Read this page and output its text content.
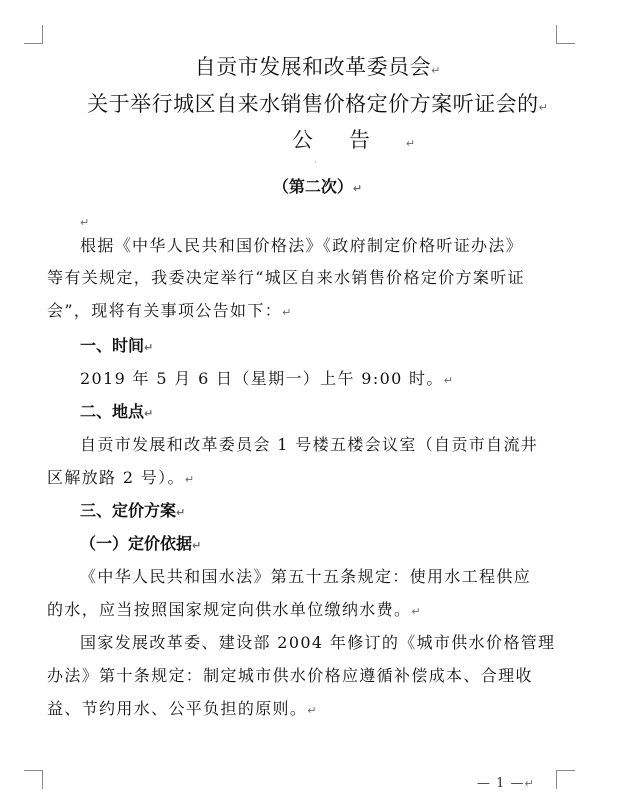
自贡市发展和改革委员会↵
关于举行城区自来水销售价格定价方案听证会的↵
公告↵
·
（第二次）↵
↵
根据《中华人民共和国价格法》《政府制定价格听证办法》
等有关规定，我委决定举行“城区自来水销售价格定价方案听证
会”，现将有关事项公告如下：↵
一、时间↵
2019 年 5 月 6 日（星期一）上午 9:00 时。↵
二、地点↵
自贡市发展和改革委员会 1 号楼五楼会议室（自贡市自流井
区解放路 2 号）。↵
三、定价方案↵
（一）定价依据↵
《中华人民共和国水法》第五十五条规定：使用水工程供应
的水，应当按照国家规定向供水单位缴纳水费。↵
国家发展改革委、建设部 2004 年修订的《城市供水价格管理
办法》第十条规定：制定城市供水价格应遵循补偿成本、合理收
益、节约用水、公平负担的原则。↵
— 1 —↵
